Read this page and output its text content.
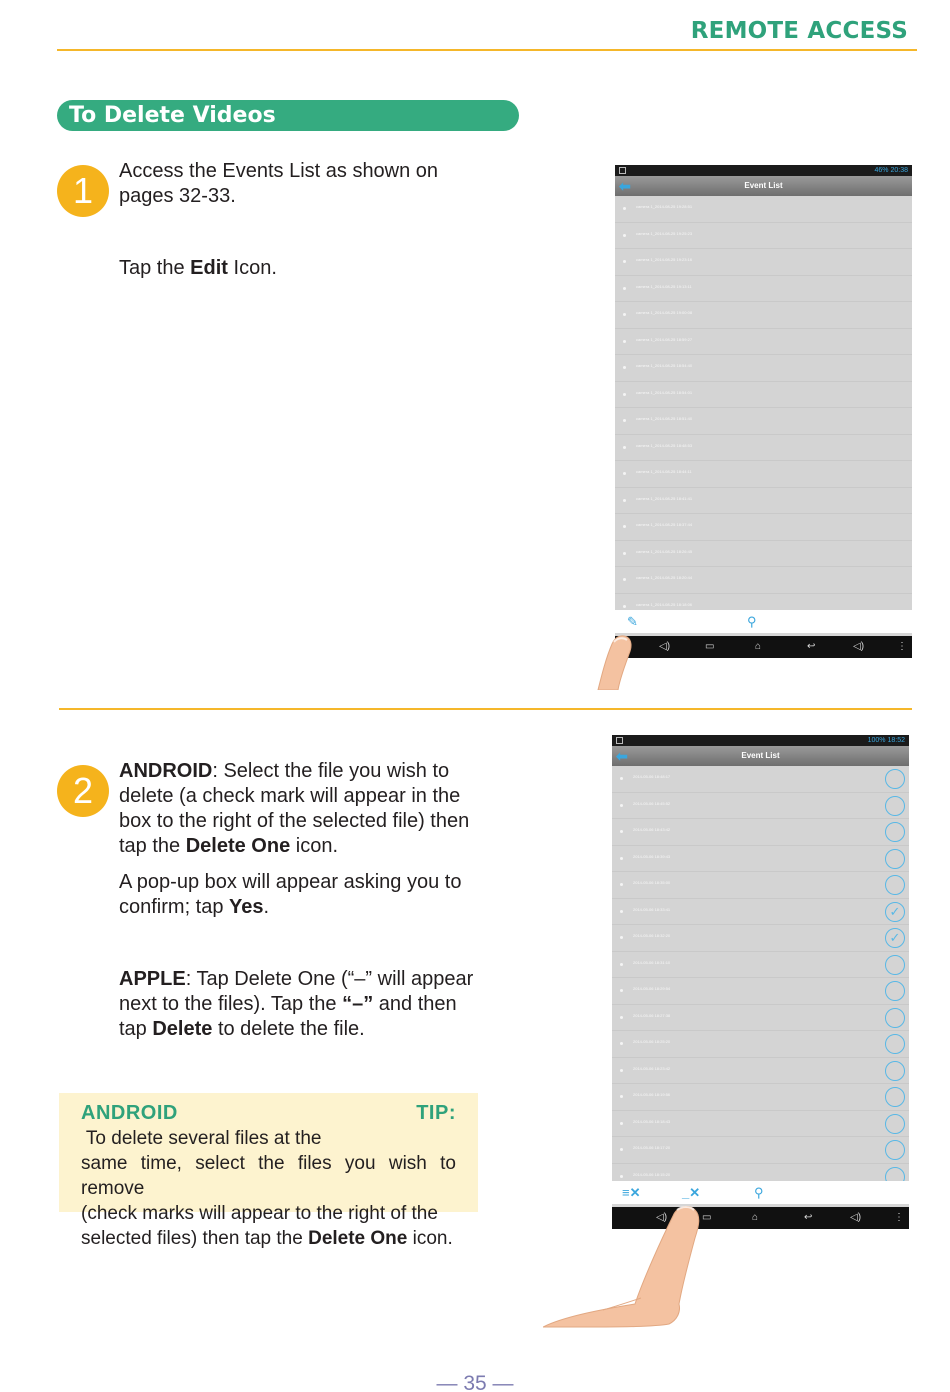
REMOTE ACCESS
To Delete Videos
1	Access the Events List as shown on
pages 32-33.
Tap the Edit Icon.
46% 20:38
⬅	Event List
camera 1_2014-08-25 19:28:51
camera 1_2014-08-25 19:25:23
camera 1_2014-08-25 19:23:16
camera 1_2014-08-25 19:13:11
camera 1_2014-08-25 19:00:08
camera 1_2014-08-25 18:59:27
camera 1_2014-08-25 18:54:40
camera 1_2014-08-25 18:54:01
camera 1_2014-08-25 18:51:40
camera 1_2014-08-25 18:48:53
camera 1_2014-08-25 18:44:11
camera 1_2014-08-25 18:41:41
camera 1_2014-08-25 18:37:44
camera 1_2014-08-25 18:26:45
camera 1_2014-08-25 18:20:44
camera 1_2014-08-25 18:18:06
✎	⚲
◁)	▭	⌂	↩	◁)	⋮
2	ANDROID: Select the file you wish to
delete (a check mark will appear in the
box to the right of the selected file) then
tap the Delete One icon.
A pop-up box will appear asking you to
confirm; tap Yes.
APPLE: Tap Delete One (“–” will appear
next to the files). Tap the “–” and then
tap Delete to delete the file.
ANDROID TIP: To delete several files at the
same time, select the files you wish to remove
(check marks will appear to the right of the
selected files) then tap the Delete One icon.
100% 18:52
⬅	Event List
2014-05-06 18:48:17
2014-05-06 18:45:52
2014-05-06 18:43:42
2014-05-06 18:39:43
2014-05-06 18:35:00
2014-05-06 18:33:41	✓
2014-05-06 18:32:20	✓
2014-05-06 18:31:10
2014-05-06 18:29:54
2014-05-06 18:27:38
2014-05-06 18:25:20
2014-05-06 18:23:42
2014-05-06 18:19:56
2014-05-06 18:18:43
2014-05-06 18:17:20
2014-05-06 18:15:20
≡✕	_✕	⚲
◁)	▭	⌂	↩	◁)	⋮
— 35 —
